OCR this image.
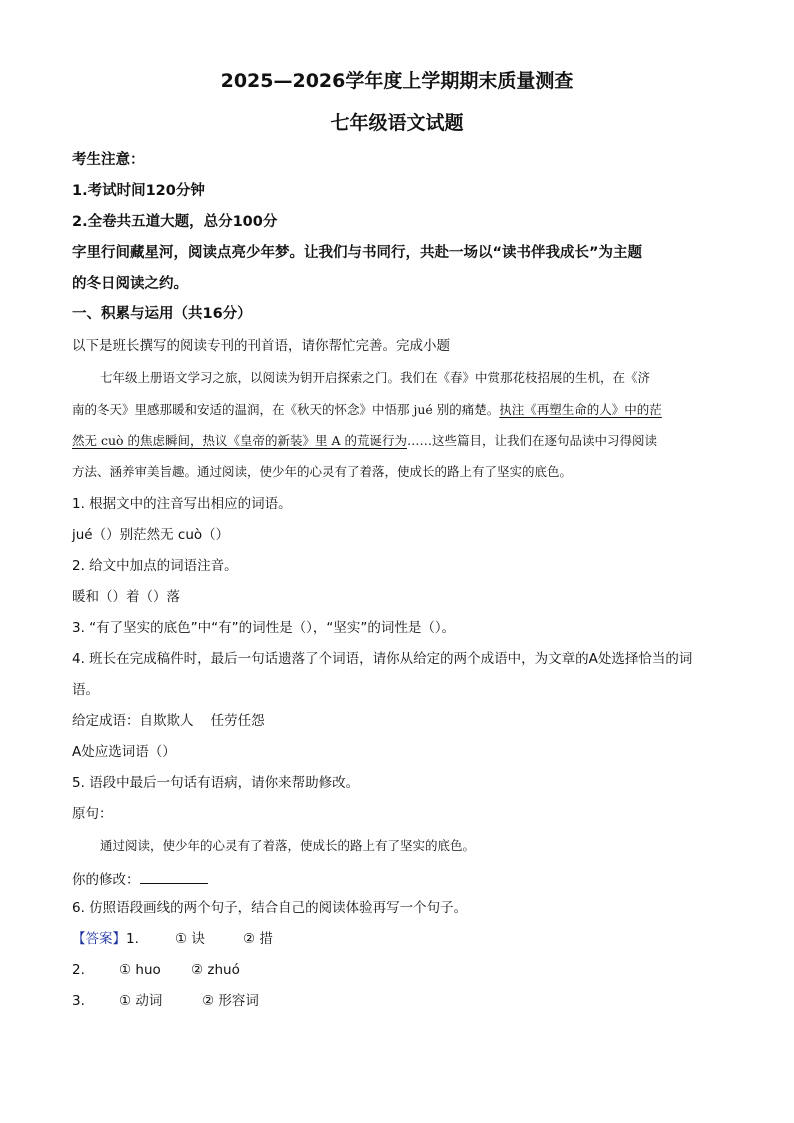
2025—2026学年度上学期期末质量测查
七年级语文试题
考生注意：
1.考试时间120分钟
2.全卷共五道大题，总分100分
字里行间藏星河，阅读点亮少年梦。让我们与书同行，共赴一场以“读书伴我成长”为主题
的冬日阅读之约。
一、积累与运用（共16分）
以下是班长撰写的阅读专刊的刊首语，请你帮忙完善。完成小题
七年级上册语文学习之旅，以阅读为钥开启探索之门。我们在《春》中赏那花枝招展的生机，在《济
南的冬天》里感那暖和安适的温润，在《秋天的怀念》中悟那 jué 别的痛楚。执注《再塑生命的人》中的茫
然无 cuò 的焦虑瞬间，热议《皇帝的新装》里 A 的荒诞行为……这些篇目，让我们在逐句品读中习得阅读
方法、涵养审美旨趣。通过阅读，使少年的心灵有了着落，使成长的路上有了坚实的底色。
1. 根据文中的注音写出相应的词语。
jué（）别茫然无 cuò（）
2. 给文中加点的词语注音。
暖和（）着（）落
3. “有了坚实的底色”中“有”的词性是（），“坚实”的词性是（）。
4. 班长在完成稿件时，最后一句话遗落了个词语，请你从给定的两个成语中，为文章的A处选择恰当的词
语。
给定成语：自欺欺人    任劳任怨
A处应选词语（）
5. 语段中最后一句话有语病，请你来帮助修改。
原句：
通过阅读，使少年的心灵有了着落，使成长的路上有了坚实的底色。
你的修改：
6. 仿照语段画线的两个句子，结合自己的阅读体验再写一个句子。
【答案】1.	① 诀	② 措
2.	① huo ② zhuó
3.	① 动词	② 形容词
